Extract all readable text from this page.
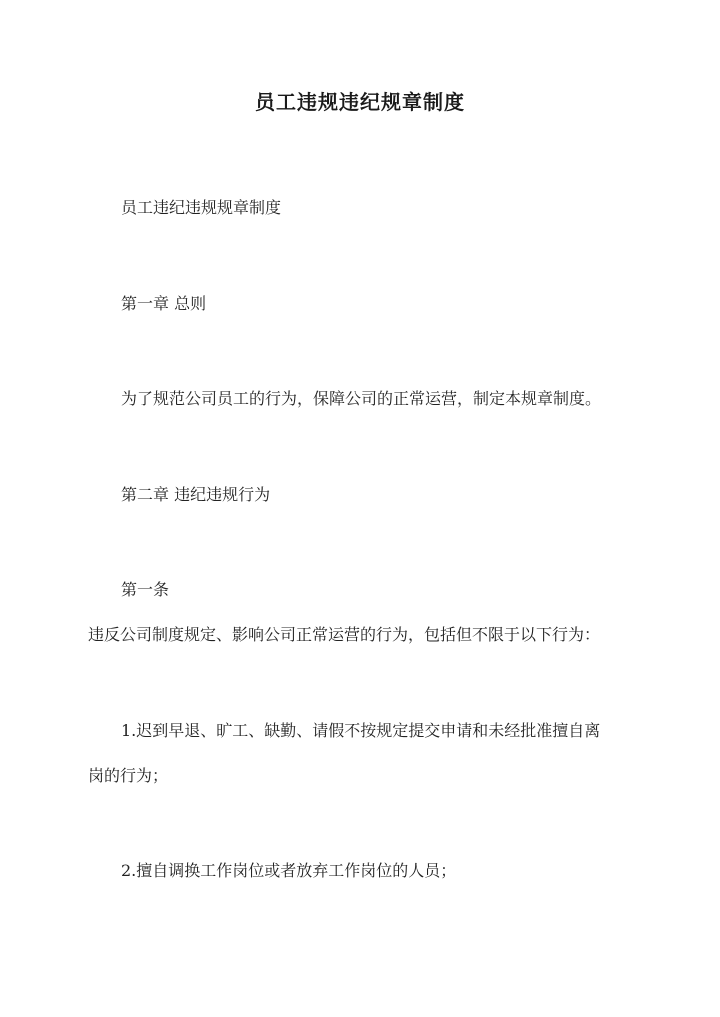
员工违规违纪规章制度
员工违纪违规规章制度
第一章 总则
为了规范公司员工的行为，保障公司的正常运营，制定本规章制度。
第二章 违纪违规行为
第一条
违反公司制度规定、影响公司正常运营的行为，包括但不限于以下行为：
1.迟到早退、旷工、缺勤、请假不按规定提交申请和未经批准擅自离
岗的行为；
2.擅自调换工作岗位或者放弃工作岗位的人员；
